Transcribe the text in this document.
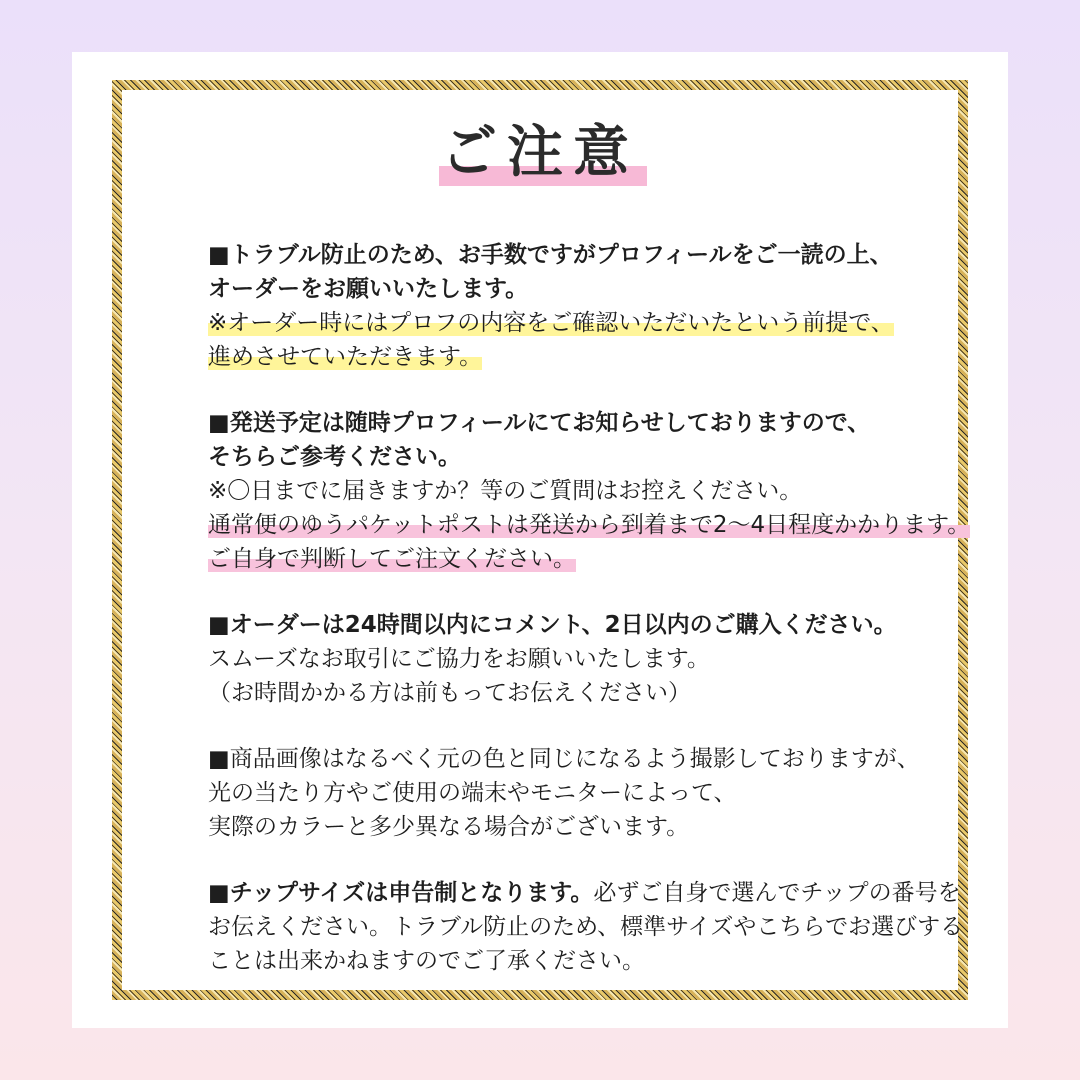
ご注意
■トラブル防止のため、お手数ですがプロフィールをご一読の上、
オーダーをお願いいたします。
※オーダー時にはプロフの内容をご確認いただいたという前提で、
進めさせていただきます。
■発送予定は随時プロフィールにてお知らせしておりますので、
そちらご参考ください。
※〇日までに届きますか？等のご質問はお控えください。
通常便のゆうパケットポストは発送から到着まで2〜4日程度かかります。
ご自身で判断してご注文ください。
■オーダーは24時間以内にコメント、2日以内のご購入ください。
スムーズなお取引にご協力をお願いいたします。
（お時間かかる方は前もってお伝えください）
■商品画像はなるべく元の色と同じになるよう撮影しておりますが、
光の当たり方やご使用の端末やモニターによって、
実際のカラーと多少異なる場合がございます。
■チップサイズは申告制となります。必ずご自身で選んでチップの番号を
お伝えください。トラブル防止のため、標準サイズやこちらでお選びする
ことは出来かねますのでご了承ください。
